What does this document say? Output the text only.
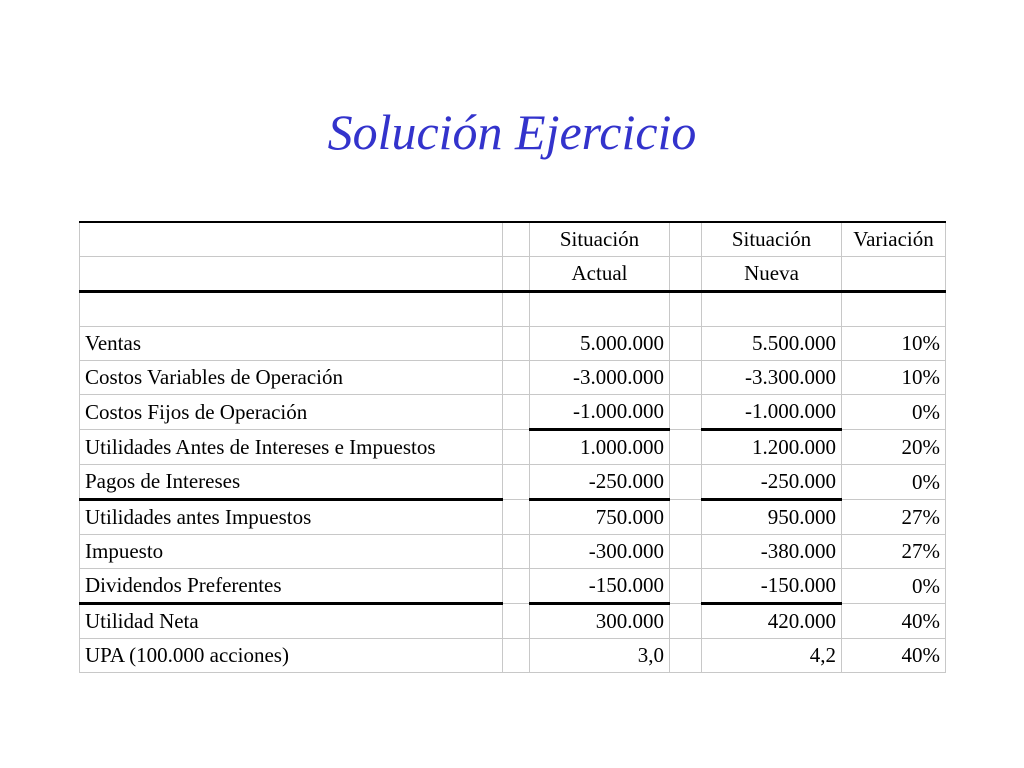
Solución Ejercicio
		Situación		Situación	Variación
		Actual		Nueva	

Ventas		5.000.000		5.500.000	10%
Costos Variables de Operación		-3.000.000		-3.300.000	10%
Costos Fijos de Operación		-1.000.000		-1.000.000	0%
Utilidades Antes de Intereses e Impuestos		1.000.000		1.200.000	20%
Pagos de Intereses		-250.000		-250.000	0%
Utilidades antes Impuestos		750.000		950.000	27%
Impuesto		-300.000		-380.000	27%
Dividendos Preferentes		-150.000		-150.000	0%
Utilidad Neta		300.000		420.000	40%
UPA (100.000 acciones)		3,0		4,2	40%
